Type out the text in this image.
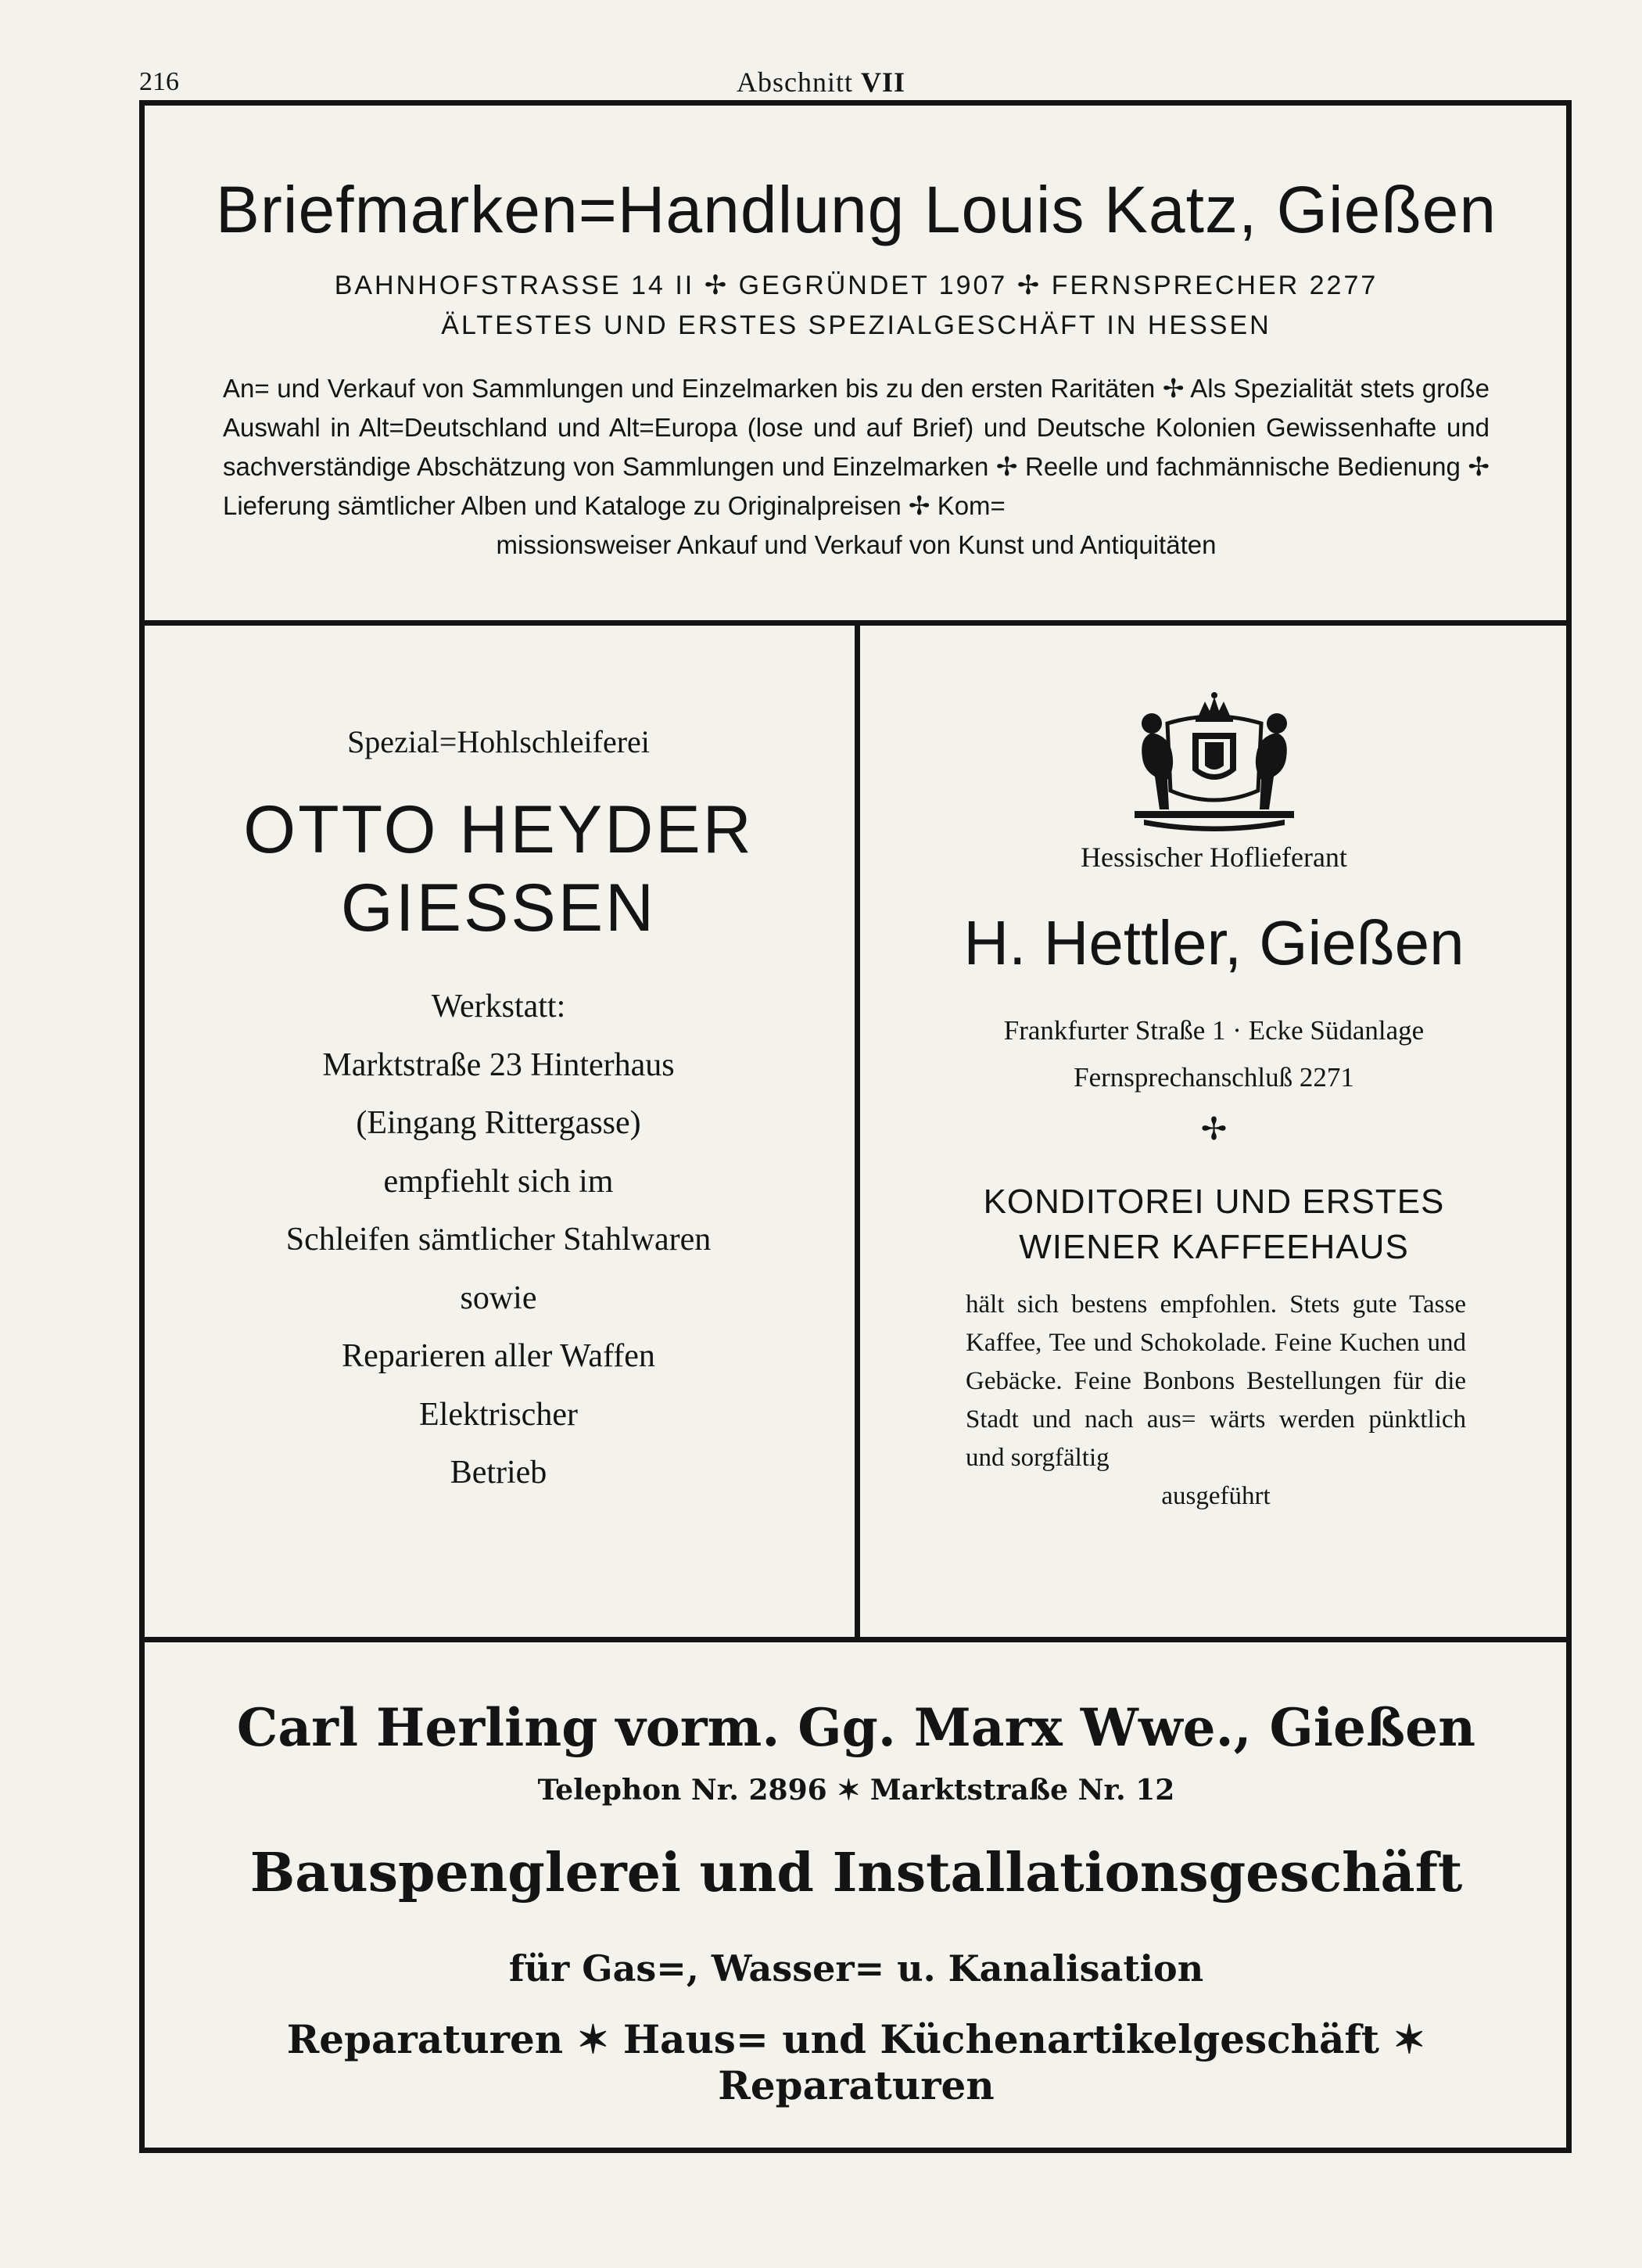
216	Abschnitt VII
Briefmarken=Handlung Louis Katz, Gießen
BAHNHOFSTRASSE 14 II ✢ GEGRÜNDET 1907 ✢ FERNSPRECHER 2277
ÄLTESTES UND ERSTES SPEZIALGESCHÄFT IN HESSEN
An= und Verkauf von Sammlungen und Einzelmarken bis zu den ersten Raritäten ✢ Als Spezialität stets große Auswahl in Alt=Deutschland und Alt=Europa (lose und auf Brief) und Deutsche Kolonien Gewissenhafte und sachverständige Abschätzung von Sammlungen und Einzelmarken ✢ Reelle und fachmännische Bedienung ✢ Lieferung sämtlicher Alben und Kataloge zu Originalpreisen ✢ Kom=
missionsweiser Ankauf und Verkauf von Kunst und Antiquitäten
Spezial=Hohlschleiferei
OTTO HEYDER
GIESSEN
Werkstatt:
Marktstraße 23 Hinterhaus
(Eingang Rittergasse)
empfiehlt sich im
Schleifen sämtlicher Stahlwaren
sowie
Reparieren aller Waffen
Elektrischer
Betrieb
Hessischer Hoflieferant
H. Hettler, Gießen
Frankfurter Straße 1 · Ecke Südanlage
Fernsprechanschluß 2271
✢
KONDITOREI UND ERSTES
WIENER KAFFEEHAUS
hält sich bestens empfohlen. Stets gute Tasse Kaffee, Tee und Schokolade. Feine Kuchen und Gebäcke. Feine Bonbons Bestellungen für die Stadt und nach aus= wärts werden pünktlich und sorgfältig
ausgeführt
Carl Herling vorm. Gg. Marx Wwe., Gießen
Telephon Nr. 2896 ✶ Marktstraße Nr. 12
Bauspenglerei und Installationsgeschäft
für Gas=, Wasser= u. Kanalisation
Reparaturen ✶ Haus= und Küchenartikelgeschäft ✶ Reparaturen
